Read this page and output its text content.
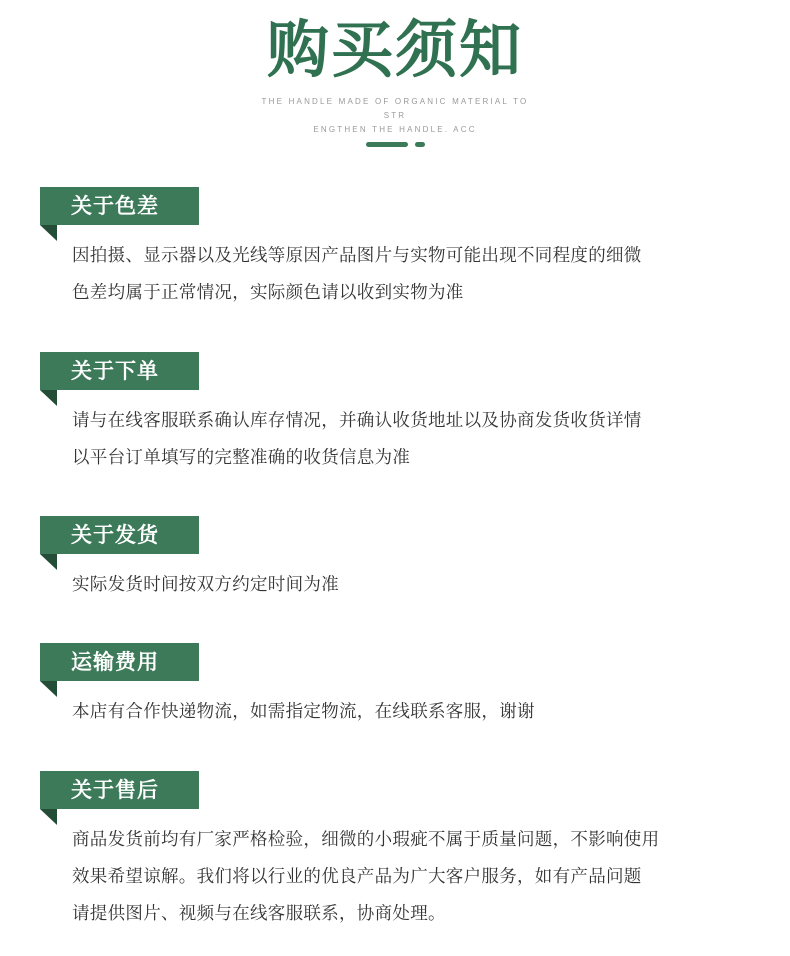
购买须知
THE HANDLE MADE OF ORGANIC MATERIAL TO STR
ENGTHEN THE HANDLE. ACC
关于色差
因拍摄、显示器以及光线等原因产品图片与实物可能出现不同程度的细微
色差均属于正常情况，实际颜色请以收到实物为准
关于下单
请与在线客服联系确认库存情况，并确认收货地址以及协商发货收货详情
以平台订单填写的完整准确的收货信息为准
关于发货
实际发货时间按双方约定时间为准
运输费用
本店有合作快递物流，如需指定物流，在线联系客服，谢谢
关于售后
商品发货前均有厂家严格检验，细微的小瑕疵不属于质量问题，不影响使用
效果希望谅解。我们将以行业的优良产品为广大客户服务，如有产品问题
请提供图片、视频与在线客服联系，协商处理。
